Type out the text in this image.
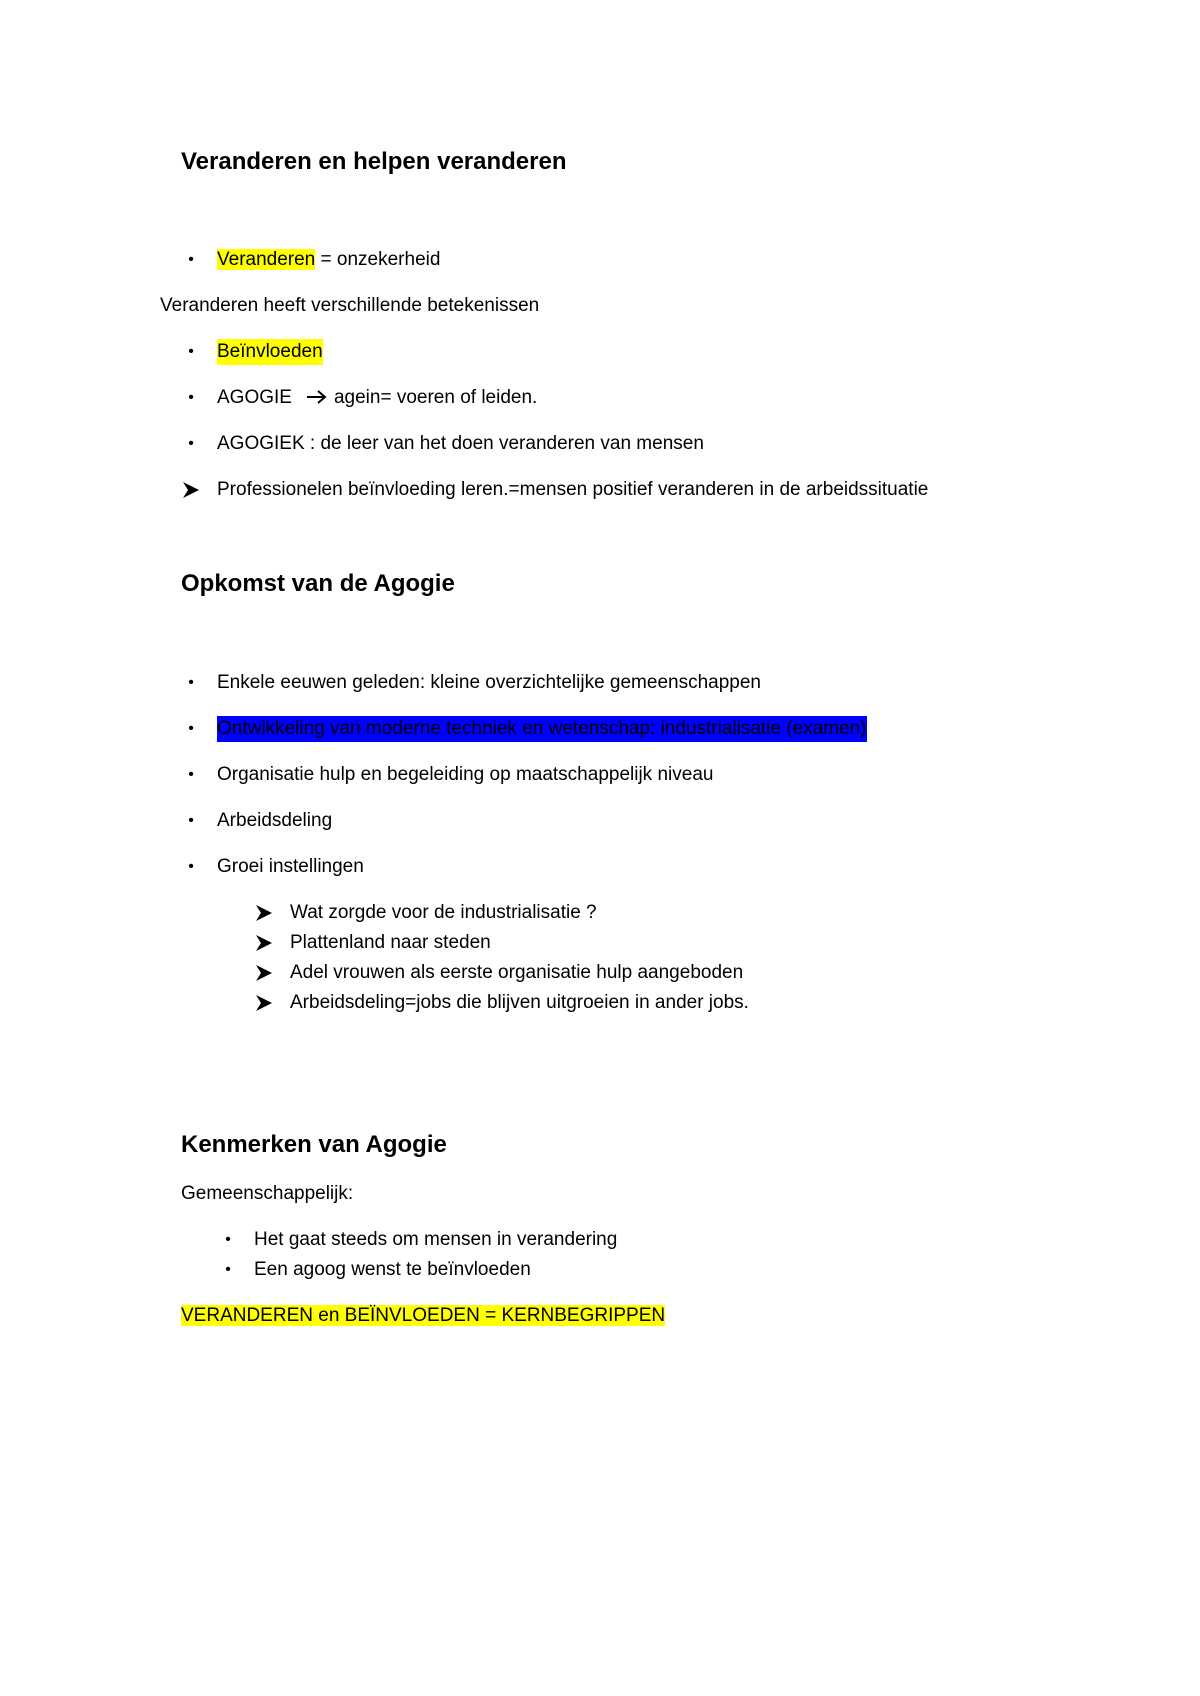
Veranderen en helpen veranderen
•	Veranderen = onzekerheid
Veranderen heeft verschillende betekenissen
•	Beïnvloeden
•	AGOGIE agein= voeren of leiden.
•	AGOGIEK : de leer van het doen veranderen van mensen
Professionelen beïnvloeding leren.=mensen positief veranderen in de arbeidssituatie
Opkomst van de Agogie
•	Enkele eeuwen geleden: kleine overzichtelijke gemeenschappen
•	Ontwikkeling van moderne techniek en wetenschap: industrialisatie (examen)
•	Organisatie hulp en begeleiding op maatschappelijk niveau
•	Arbeidsdeling
•	Groei instellingen
Wat zorgde voor de industrialisatie ?
Plattenland naar steden
Adel vrouwen als eerste organisatie hulp aangeboden
Arbeidsdeling=jobs die blijven uitgroeien in ander jobs.
Kenmerken van Agogie
Gemeenschappelijk:
•	Het gaat steeds om mensen in verandering
•	Een agoog wenst te beïnvloeden
VERANDEREN en BEÏNVLOEDEN = KERNBEGRIPPEN
